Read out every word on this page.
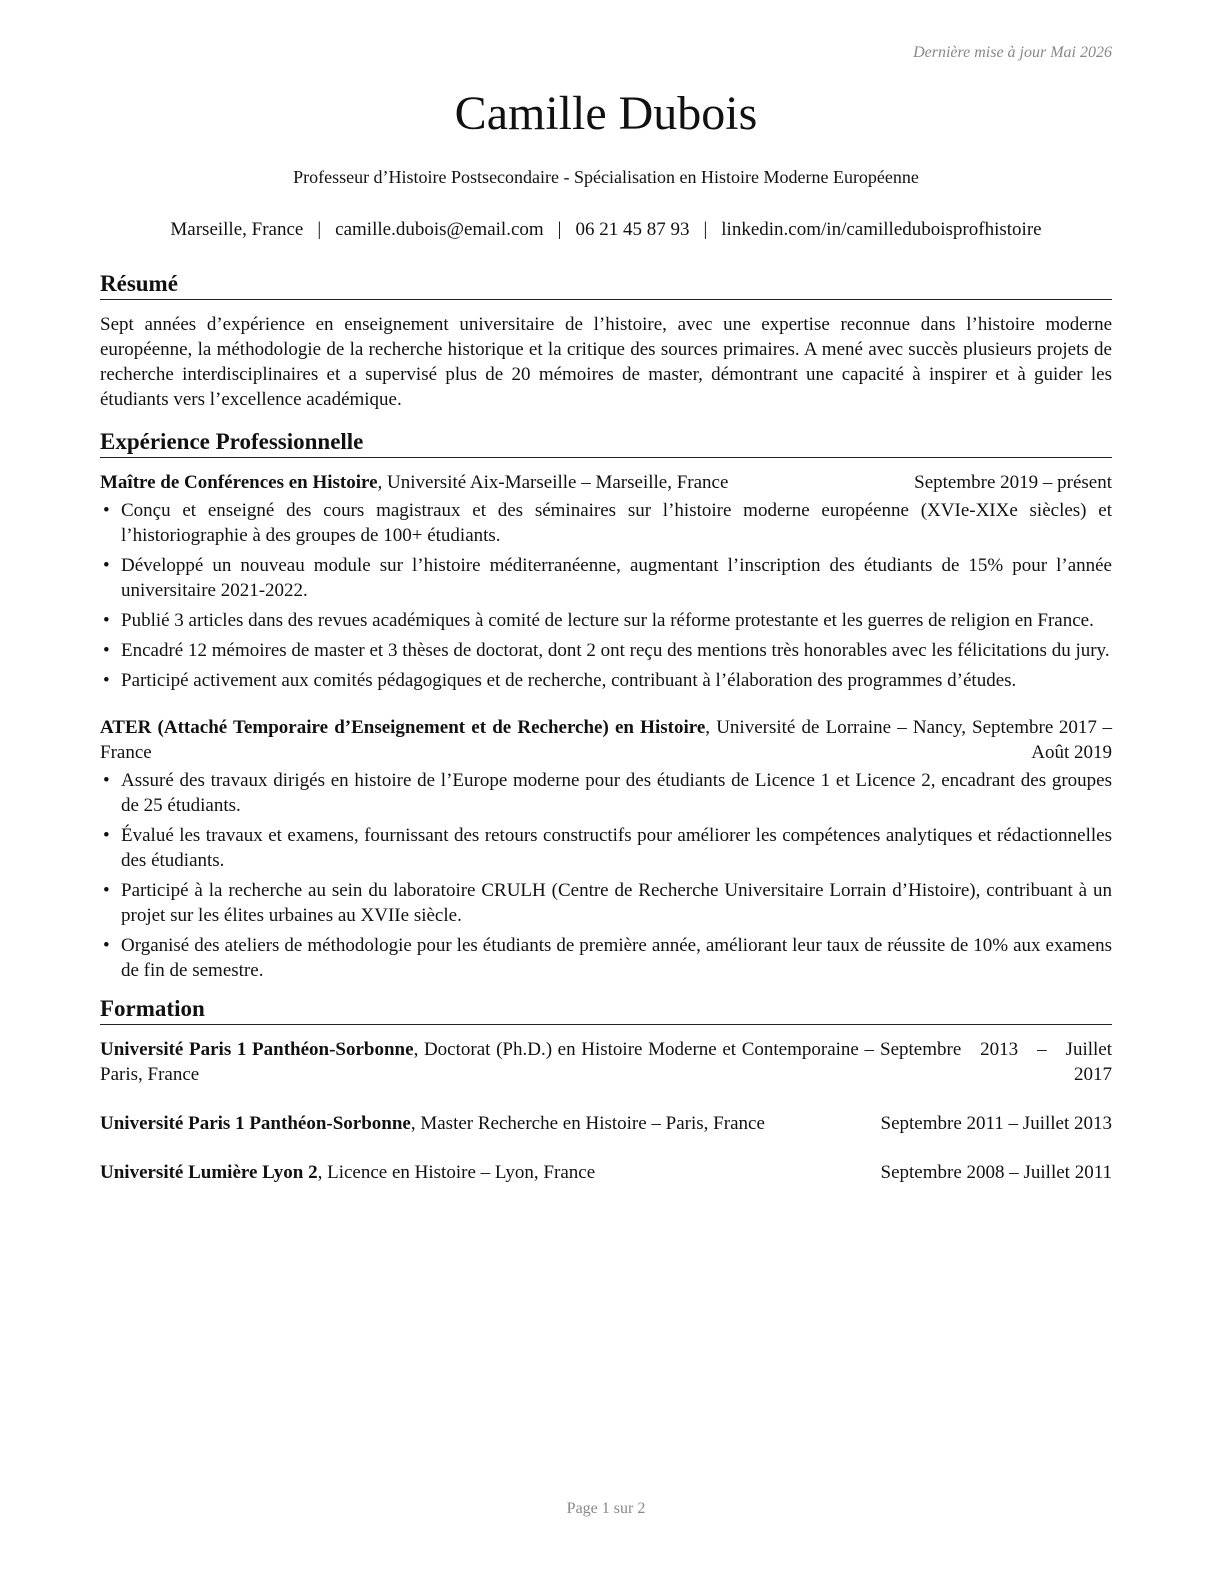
Dernière mise à jour Mai 2026
Camille Dubois
Professeur d’Histoire Postsecondaire - Spécialisation en Histoire Moderne Européenne
Marseille, France | camille.dubois@email.com | 06 21 45 87 93 | linkedin.com/in/camilleduboisprofhistoire
Résumé

Sept années d’expérience en enseignement universitaire de l’histoire, avec une expertise reconnue dans l’histoire moderne européenne, la méthodologie de la recherche historique et la critique des sources primaires. A mené avec succès plusieurs projets de recherche interdisciplinaires et a supervisé plus de 20 mémoires de master, démontrant une capacité à inspirer et à guider les étudiants vers l’excellence académique.

Expérience Professionnelle
Maître de Conférences en Histoire, Université Aix-Marseille – Marseille, France	Septembre 2019 – présent
• Conçu et enseigné des cours magistraux et des séminaires sur l’histoire moderne européenne (XVIe-XIXe siècles) et l’historiographie à des groupes de 100+ étudiants.
• Développé un nouveau module sur l’histoire méditerranéenne, augmentant l’inscription des étudiants de 15% pour l’année universitaire 2021-2022.
• Publié 3 articles dans des revues académiques à comité de lecture sur la réforme protestante et les guerres de religion en France.
• Encadré 12 mémoires de master et 3 thèses de doctorat, dont 2 ont reçu des mentions très honorables avec les félicitations du jury.
• Participé activement aux comités pédagogiques et de recherche, contribuant à l’élaboration des programmes d’études.
ATER (Attaché Temporaire d’Enseignement et de Recherche) en Histoire, Université de Lorraine – Nancy, France
Septembre 2017 – Août 2019
• Assuré des travaux dirigés en histoire de l’Europe moderne pour des étudiants de Licence 1 et Licence 2, encadrant des groupes de 25 étudiants.
• Évalué les travaux et examens, fournissant des retours constructifs pour améliorer les compétences analytiques et rédactionnelles des étudiants.
• Participé à la recherche au sein du laboratoire CRULH (Centre de Recherche Universitaire Lorrain d’Histoire), contribuant à un projet sur les élites urbaines au XVIIe siècle.
• Organisé des ateliers de méthodologie pour les étudiants de première année, améliorant leur taux de réussite de 10% aux examens de fin de semestre.
Formation
Université Paris 1 Panthéon-Sorbonne, Doctorat (Ph.D.) en Histoire Moderne et Contemporaine – Paris, France
Septembre 2013 – Juillet 2017
Université Paris 1 Panthéon-Sorbonne, Master Recherche en Histoire – Paris, France	Septembre 2011 – Juillet 2013
Université Lumière Lyon 2, Licence en Histoire – Lyon, France	Septembre 2008 – Juillet 2011
Page 1 sur 2
